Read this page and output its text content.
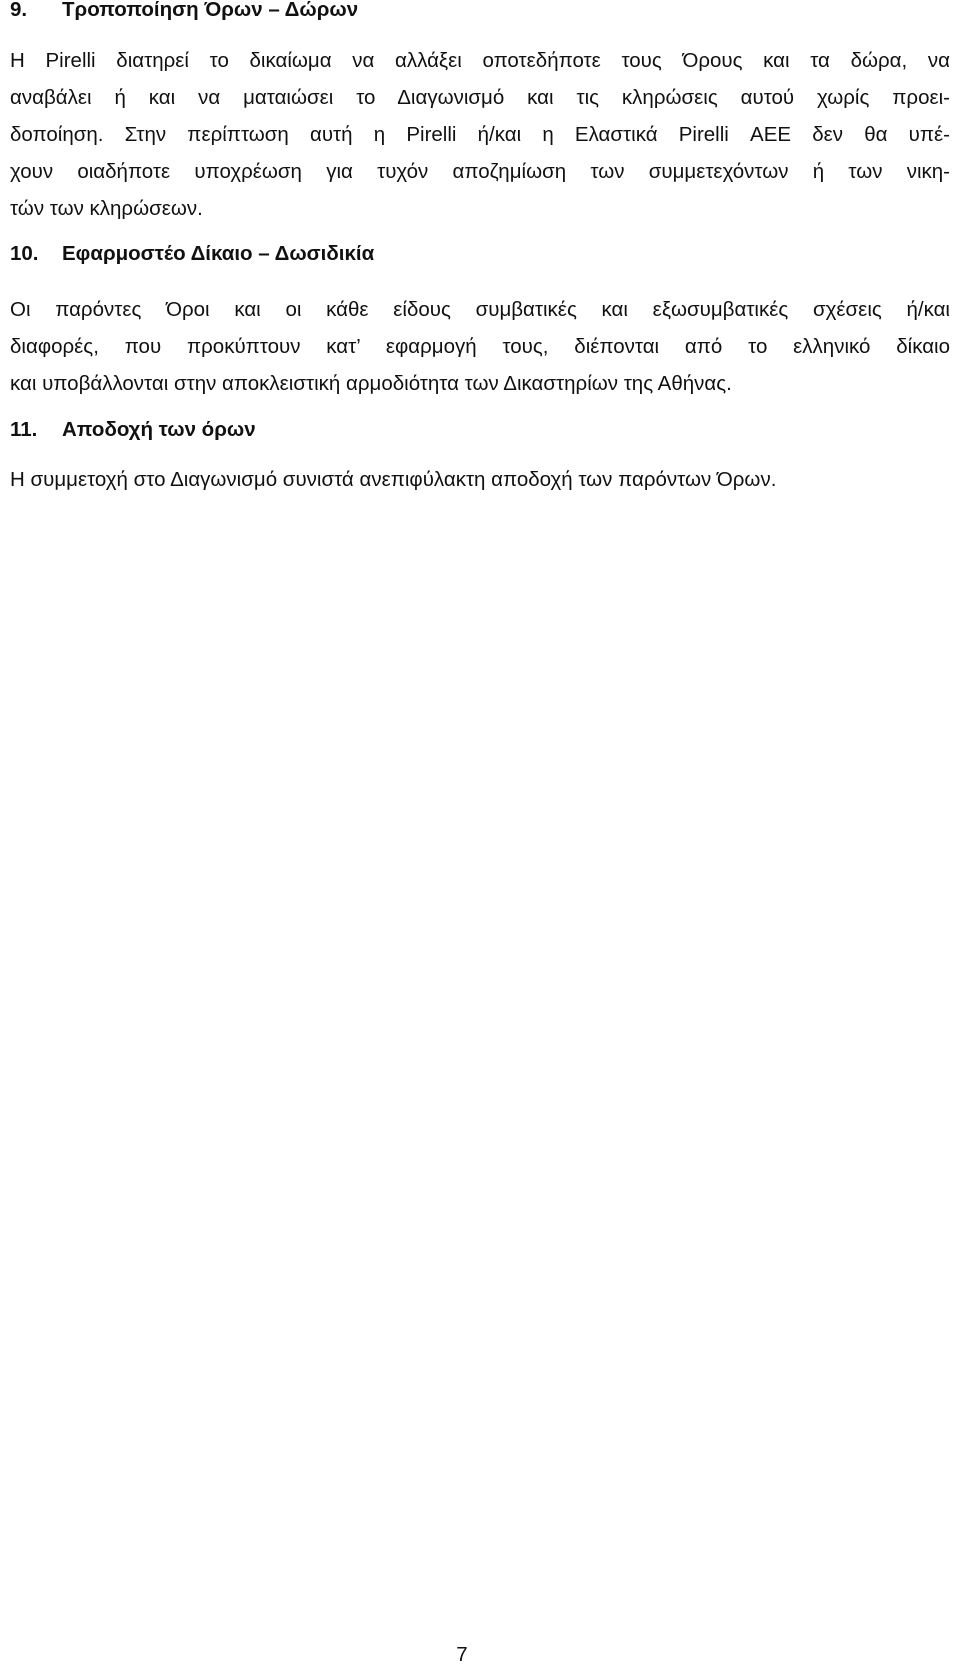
9. Τροποποίηση Όρων – Δώρων

Η Pirelli διατηρεί το δικαίωμα να αλλάξει οποτεδήποτε τους Όρους και τα δώρα, να
αναβάλει ή και να ματαιώσει το Διαγωνισμό και τις κληρώσεις αυτού χωρίς προει-
δοποίηση. Στην περίπτωση αυτή η Pirelli ή/και η Ελαστικά Pirelli ΑΕΕ δεν θα υπέ-
χουν οιαδήποτε υποχρέωση για τυχόν αποζημίωση των συμμετεχόντων ή των νικη-
τών των κληρώσεων.

10. Εφαρμοστέο Δίκαιο – Δωσιδικία

Οι παρόντες Όροι και οι κάθε είδους συμβατικές και εξωσυμβατικές σχέσεις ή/και
διαφορές, που προκύπτουν κατ’ εφαρμογή τους, διέπονται από το ελληνικό δίκαιο
και υποβάλλονται στην αποκλειστική αρμοδιότητα των Δικαστηρίων της Αθήνας.

11. Αποδοχή των όρων

Η συμμετοχή στο Διαγωνισμό συνιστά ανεπιφύλακτη αποδοχή των παρόντων Όρων.

7
